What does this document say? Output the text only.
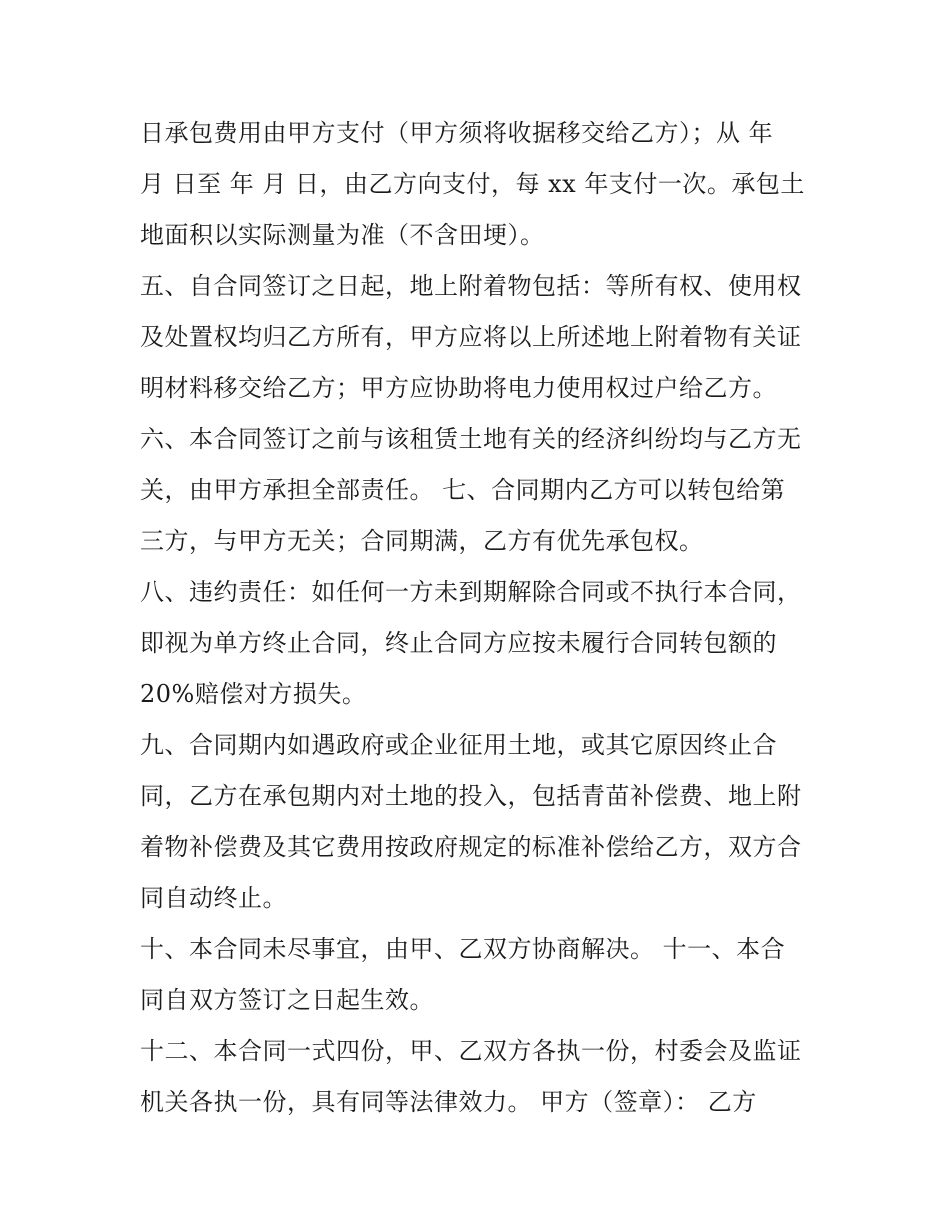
日承包费用由甲方支付（甲方须将收据移交给乙方）；从 年
月 日至 年 月 日，由乙方向支付，每 xx 年支付一次。承包土
地面积以实际测量为准（不含田埂）。
五、自合同签订之日起，地上附着物包括：等所有权、使用权
及处置权均归乙方所有，甲方应将以上所述地上附着物有关证
明材料移交给乙方；甲方应协助将电力使用权过户给乙方。
六、本合同签订之前与该租赁土地有关的经济纠纷均与乙方无
关，由甲方承担全部责任。 七、合同期内乙方可以转包给第
三方，与甲方无关；合同期满，乙方有优先承包权。
八、违约责任：如任何一方未到期解除合同或不执行本合同，
即视为单方终止合同，终止合同方应按未履行合同转包额的
20%赔偿对方损失。
九、合同期内如遇政府或企业征用土地，或其它原因终止合
同，乙方在承包期内对土地的投入，包括青苗补偿费、地上附
着物补偿费及其它费用按政府规定的标准补偿给乙方，双方合
同自动终止。
十、本合同未尽事宜，由甲、乙双方协商解决。 十一、本合
同自双方签订之日起生效。
十二、本合同一式四份，甲、乙双方各执一份，村委会及监证
机关各执一份，具有同等法律效力。 甲方（签章）： 乙方
